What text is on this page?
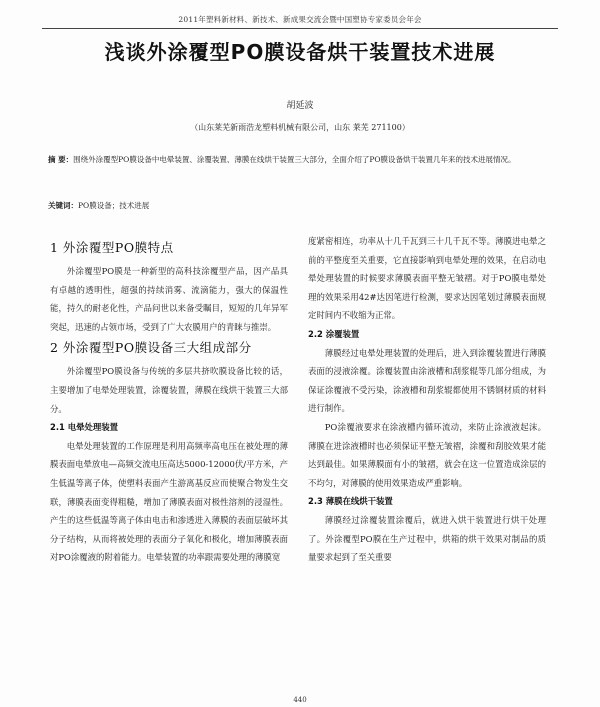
2011年塑料新材料、新技术、新成果交流会暨中国塑协专家委员会年会
浅谈外涂覆型PO膜设备烘干装置技术进展
胡延波
（山东莱芜新雨浩龙塑料机械有限公司，山东 莱芜 271100）
摘 要：围绕外涂覆型PO膜设备中电晕装置、涂覆装置、薄膜在线烘干装置三大部分，全面介绍了PO膜设备烘干装置几年来的技术进展情况。
关键词：PO膜设备；技术进展
1 外涂覆型PO膜特点

外涂覆型PO膜是一种新型的高科技涂覆型产品，因产品具有卓越的透明性，超强的持续消雾、流滴能力，强大的保温性能，持久的耐老化性，产品问世以来备受瞩目，短短的几年异军突起，迅速的占领市场，受到了广大农膜用户的青睐与推崇。

2 外涂覆型PO膜设备三大组成部分

外涂覆型PO膜设备与传统的多层共挤吹膜设备比较的话，主要增加了电晕处理装置，涂覆装置，薄膜在线烘干装置三大部分。

2.1 电晕处理装置

电晕处理装置的工作原理是利用高频率高电压在被处理的薄膜表面电晕放电—高频交流电压高达5000-12000伏/平方米，产生低温等离子体，使塑料表面产生游离基反应而使聚合物发生交联，薄膜表面变得粗糙，增加了薄膜表面对极性溶剂的浸湿性。产生的这些低温等离子体由电击和渗透进入薄膜的表面层破坏其分子结构，从而将被处理的表面分子氧化和极化，增加薄膜表面对PO涂覆液的附着能力。电晕装置的功率跟需要处理的薄膜宽

度紧密相连，功率从十几千瓦到三十几千瓦不等。薄膜进电晕之前的平整度至关重要，它直接影响到电晕处理的效果，在启动电晕处理装置的时候要求薄膜表面平整无皱褶。对于PO膜电晕处理的效果采用42#达因笔进行检测，要求达因笔划过薄膜表面规定时间内不收缩为正常。

2.2 涂覆装置

薄膜经过电晕处理装置的处理后，进入到涂覆装置进行薄膜表面的浸液涂覆。涂覆装置由涂液槽和刮浆辊等几部分组成，为保证涂覆液不受污染，涂液槽和刮浆辊都使用不锈钢材质的材料进行制作。

PO涂覆液要求在涂液槽内循环流动，来防止涂液液起沫。薄膜在进涂液槽时也必须保证平整无皱褶，涂覆和刮胶效果才能达到最佳。如果薄膜面有小的皱褶，就会在这一位置造成涂层的不均匀，对薄膜的使用效果造成严重影响。

2.3 薄膜在线烘干装置

薄膜经过涂覆装置涂覆后，就进入烘干装置进行烘干处理了。外涂覆型PO膜在生产过程中，烘箱的烘干效果对制品的质量要求起到了至关重要

440
